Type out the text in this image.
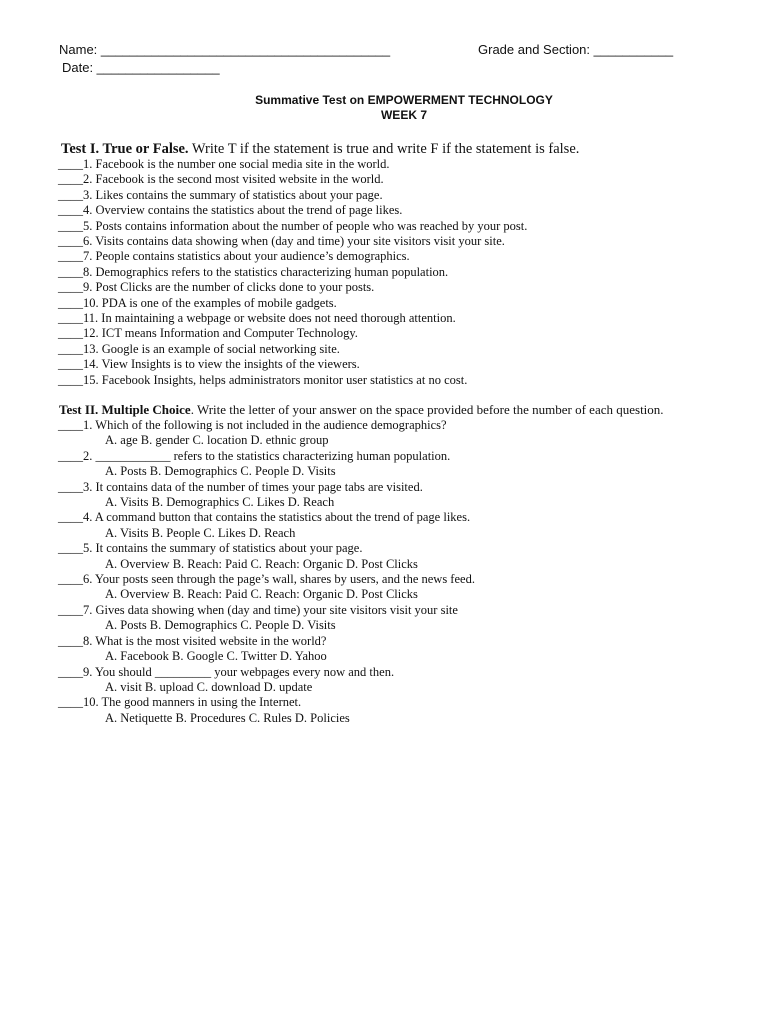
Name: ________________________________________	Grade and Section: ___________
Date: _________________
Summative Test on EMPOWERMENT TECHNOLOGY
WEEK 7
Test I. True or False. Write T if the statement is true and write F if the statement is false.
____1. Facebook is the number one social media site in the world.
____2. Facebook is the second most visited website in the world.
____3. Likes contains the summary of statistics about your page.
____4. Overview contains the statistics about the trend of page likes.
____5. Posts contains information about the number of people who was reached by your post.
____6. Visits contains data showing when (day and time) your site visitors visit your site.
____7. People contains statistics about your audience’s demographics.
____8. Demographics refers to the statistics characterizing human population.
____9. Post Clicks are the number of clicks done to your posts.
____10. PDA is one of the examples of mobile gadgets.
____11. In maintaining a webpage or website does not need thorough attention.
____12. ICT means Information and Computer Technology.
____13. Google is an example of social networking site.
____14. View Insights is to view the insights of the viewers.
____15. Facebook Insights, helps administrators monitor user statistics at no cost.
Test II. Multiple Choice. Write the letter of your answer on the space provided before the number of each question.
____1. Which of the following is not included in the audience demographics?
A. age B. gender C. location D. ethnic group
____2. ____________ refers to the statistics characterizing human population.
A. Posts B. Demographics C. People D. Visits
____3. It contains data of the number of times your page tabs are visited.
A. Visits B. Demographics C. Likes D. Reach
____4. A command button that contains the statistics about the trend of page likes.
A. Visits B. People C. Likes D. Reach
____5. It contains the summary of statistics about your page.
A. Overview B. Reach: Paid C. Reach: Organic D. Post Clicks
____6. Your posts seen through the page’s wall, shares by users, and the news feed.
A. Overview B. Reach: Paid C. Reach: Organic D. Post Clicks
____7. Gives data showing when (day and time) your site visitors visit your site
A. Posts B. Demographics C. People D. Visits
____8. What is the most visited website in the world?
A. Facebook B. Google C. Twitter D. Yahoo
____9. You should _________ your webpages every now and then.
A. visit B. upload C. download D. update
____10. The good manners in using the Internet.
A. Netiquette B. Procedures C. Rules D. Policies
